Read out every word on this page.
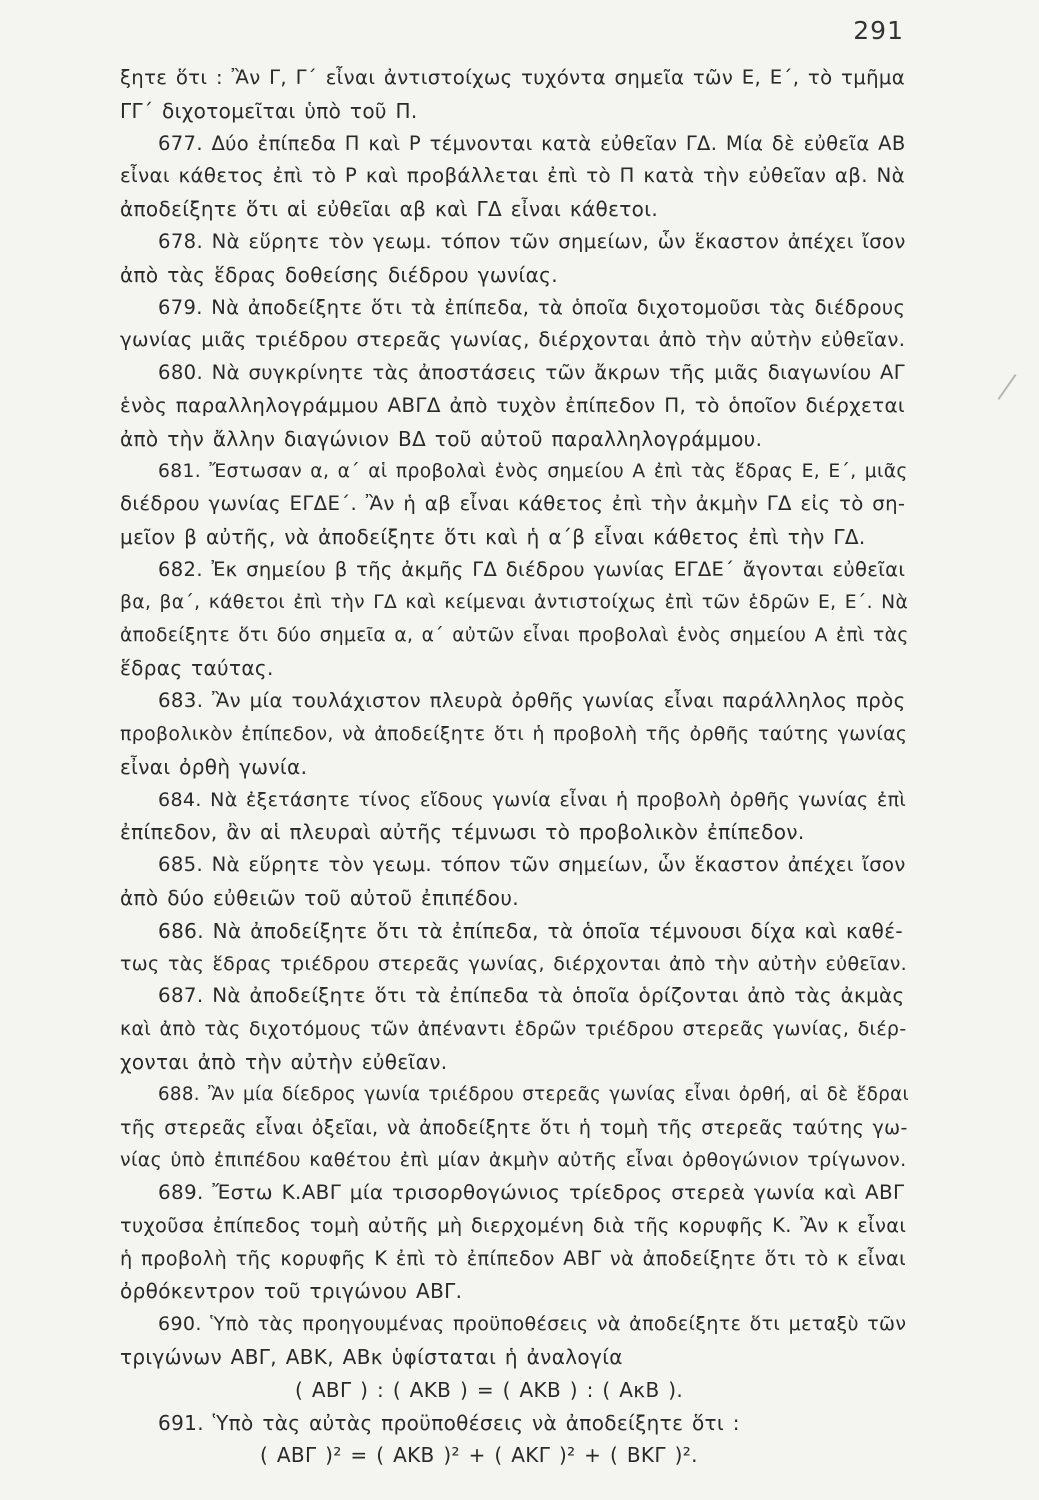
291
ξητε ὅτι : Ἂν Γ, Γ΄ εἶναι ἀντιστοίχως τυχόντα σημεῖα τῶν Ε, Ε΄, τὸ τμῆμα
ΓΓ΄ διχοτομεῖται ὑπὸ τοῦ Π.
677. Δύο ἐπίπεδα Π καὶ Ρ τέμνονται κατὰ εὐθεῖαν ΓΔ. Μία δὲ εὐθεῖα ΑΒ
εἶναι κάθετος ἐπὶ τὸ Ρ καὶ προβάλλεται ἐπὶ τὸ Π κατὰ τὴν εὐθεῖαν αβ. Νὰ
ἀποδείξητε ὅτι αἱ εὐθεῖαι αβ καὶ ΓΔ εἶναι κάθετοι.
678. Νὰ εὕρητε τὸν γεωμ. τόπον τῶν σημείων, ὧν ἕκαστον ἀπέχει ἴσον
ἀπὸ τὰς ἕδρας δοθείσης διέδρου γωνίας.
679. Νὰ ἀποδείξητε ὅτι τὰ ἐπίπεδα, τὰ ὁποῖα διχοτομοῦσι τὰς διέδρους
γωνίας μιᾶς τριέδρου στερεᾶς γωνίας, διέρχονται ἀπὸ τὴν αὐτὴν εὐθεῖαν.
680. Νὰ συγκρίνητε τὰς ἀποστάσεις τῶν ἄκρων τῆς μιᾶς διαγωνίου ΑΓ
ἑνὸς παραλληλογράμμου ΑΒΓΔ ἀπὸ τυχὸν ἐπίπεδον Π, τὸ ὁποῖον διέρχεται
ἀπὸ τὴν ἄλλην διαγώνιον ΒΔ τοῦ αὐτοῦ παραλληλογράμμου.
681. Ἔστωσαν α, α΄ αἱ προβολαὶ ἑνὸς σημείου Α ἐπὶ τὰς ἕδρας Ε, Ε΄, μιᾶς
διέδρου γωνίας ΕΓΔΕ΄. Ἂν ἡ αβ εἶναι κάθετος ἐπὶ τὴν ἀκμὴν ΓΔ εἰς τὸ ση-
μεῖον β αὐτῆς, νὰ ἀποδείξητε ὅτι καὶ ἡ α΄β εἶναι κάθετος ἐπὶ τὴν ΓΔ.
682. Ἐκ σημείου β τῆς ἀκμῆς ΓΔ διέδρου γωνίας ΕΓΔΕ΄ ἄγονται εὐθεῖαι
βα, βα΄, κάθετοι ἐπὶ τὴν ΓΔ καὶ κείμεναι ἀντιστοίχως ἐπὶ τῶν ἑδρῶν Ε, Ε΄. Νὰ
ἀποδείξητε ὅτι δύο σημεῖα α, α΄ αὐτῶν εἶναι προβολαὶ ἑνὸς σημείου Α ἐπὶ τὰς
ἕδρας ταύτας.
683. Ἂν μία τουλάχιστον πλευρὰ ὀρθῆς γωνίας εἶναι παράλληλος πρὸς
προβολικὸν ἐπίπεδον, νὰ ἀποδείξητε ὅτι ἡ προβολὴ τῆς ὀρθῆς ταύτης γωνίας
εἶναι ὀρθὴ γωνία.
684. Νὰ ἐξετάσητε τίνος εἴδους γωνία εἶναι ἡ προβολὴ ὀρθῆς γωνίας ἐπὶ
ἐπίπεδον, ἂν αἱ πλευραὶ αὐτῆς τέμνωσι τὸ προβολικὸν ἐπίπεδον.
685. Νὰ εὕρητε τὸν γεωμ. τόπον τῶν σημείων, ὧν ἕκαστον ἀπέχει ἴσον
ἀπὸ δύο εὐθειῶν τοῦ αὐτοῦ ἐπιπέδου.
686. Νὰ ἀποδείξητε ὅτι τὰ ἐπίπεδα, τὰ ὁποῖα τέμνουσι δίχα καὶ καθέ-
τως τὰς ἕδρας τριέδρου στερεᾶς γωνίας, διέρχονται ἀπὸ τὴν αὐτὴν εὐθεῖαν.
687. Νὰ ἀποδείξητε ὅτι τὰ ἐπίπεδα τὰ ὁποῖα ὁρίζονται ἀπὸ τὰς ἀκμὰς
καὶ ἀπὸ τὰς διχοτόμους τῶν ἀπέναντι ἑδρῶν τριέδρου στερεᾶς γωνίας, διέρ-
χονται ἀπὸ τὴν αὐτὴν εὐθεῖαν.
688. Ἂν μία δίεδρος γωνία τριέδρου στερεᾶς γωνίας εἶναι ὀρθή, αἱ δὲ ἕδραι
τῆς στερεᾶς εἶναι ὀξεῖαι, νὰ ἀποδείξητε ὅτι ἡ τομὴ τῆς στερεᾶς ταύτης γω-
νίας ὑπὸ ἐπιπέδου καθέτου ἐπὶ μίαν ἀκμὴν αὐτῆς εἶναι ὀρθογώνιον τρίγωνον.
689. Ἔστω Κ.ΑΒΓ μία τρισορθογώνιος τρίεδρος στερεὰ γωνία καὶ ΑΒΓ
τυχοῦσα ἐπίπεδος τομὴ αὐτῆς μὴ διερχομένη διὰ τῆς κορυφῆς Κ. Ἂν κ εἶναι
ἡ προβολὴ τῆς κορυφῆς Κ ἐπὶ τὸ ἐπίπεδον ΑΒΓ νὰ ἀποδείξητε ὅτι τὸ κ εἶναι
ὀρθόκεντρον τοῦ τριγώνου ΑΒΓ.
690. Ὑπὸ τὰς προηγουμένας προϋποθέσεις νὰ ἀποδείξητε ὅτι μεταξὺ τῶν
τριγώνων ΑΒΓ, ΑΒΚ, ΑΒκ ὑφίσταται ἡ ἀναλογία
( ΑΒΓ ) : ( ΑΚΒ ) = ( ΑΚΒ ) : ( ΑκΒ ).
691. Ὑπὸ τὰς αὐτὰς προϋποθέσεις νὰ ἀποδείξητε ὅτι :
( ΑΒΓ )² = ( ΑΚΒ )² + ( ΑΚΓ )² + ( ΒΚΓ )².
